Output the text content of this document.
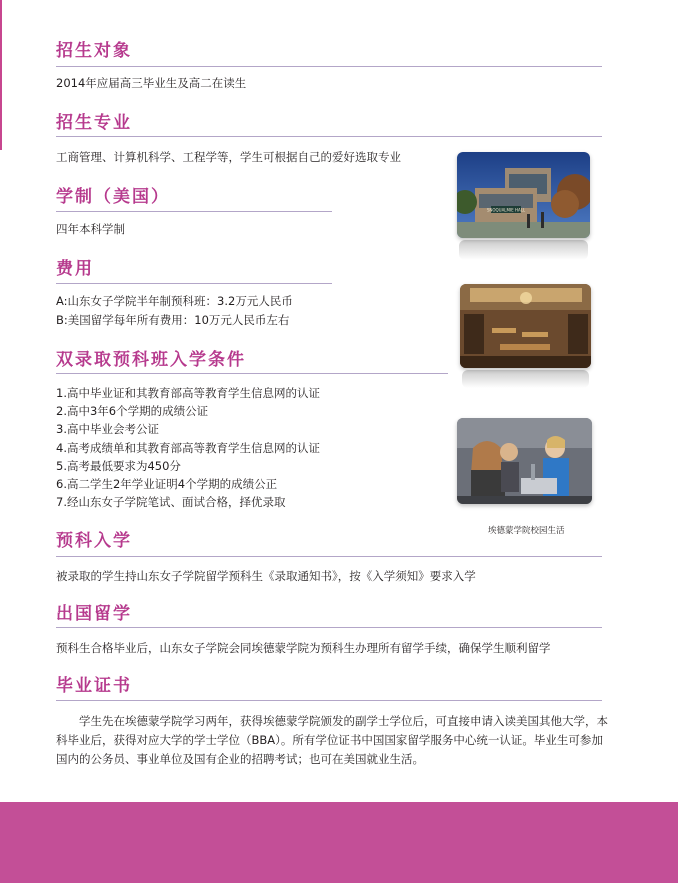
招生对象

2014年应届高三毕业生及高二在读生

招生专业

工商管理、计算机科学、工程学等，学生可根据自己的爱好选取专业

学制（美国）

四年本科学制

费用

A:山东女子学院半年制预科班：3.2万元人民币

B:美国留学每年所有费用：10万元人民币左右

双录取预科班入学条件
1.高中毕业证和其教育部高等教育学生信息网的认证
2.高中3年6个学期的成绩公证
3.高中毕业会考公证
4.高考成绩单和其教育部高等教育学生信息网的认证
5.高考最低要求为450分
6.高二学生2年学业证明4个学期的成绩公正
7.经山东女子学院笔试、面试合格，择优录取
预科入学

被录取的学生持山东女子学院留学预科生《录取通知书》，按《入学须知》要求入学

出国留学

预科生合格毕业后，山东女子学院会同埃德蒙学院为预科生办理所有留学手续，确保学生顺利留学

毕业证书

学生先在埃德蒙学院学习两年，获得埃德蒙学院颁发的副学士学位后，可直接申请入读美国其他大学，本科毕业后，获得对应大学的学士学位（BBA）。所有学位证书中国国家留学服务中心统一认证。毕业生可参加国内的公务员、事业单位及国有企业的招聘考试；也可在美国就业生活。

SNOQUALMIE HALL
埃德蒙学院校园生活
